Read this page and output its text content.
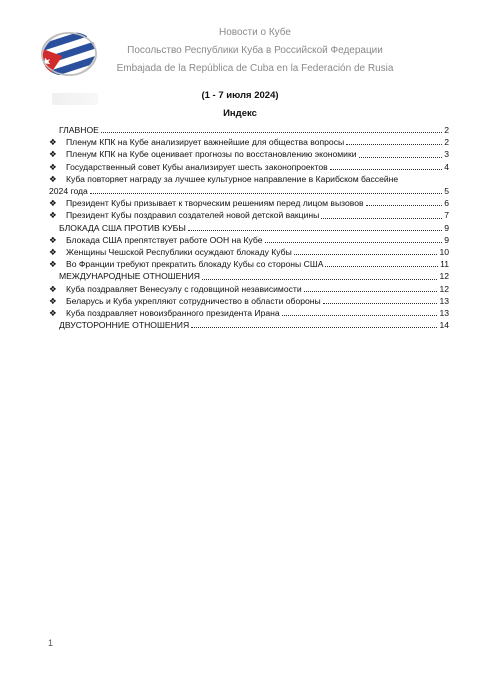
Новости о Кубе
Посольство Республики Куба в Российской Федерации
Embajada de la República de Cuba en la Federación de Rusia
(1 - 7 июля 2024)
Индекс
ГЛАВНОЕ	2
❖	Пленум КПК на Кубе анализирует важнейшие для общества вопросы	2
❖	Пленум КПК на Кубе оценивает прогнозы по восстановлению экономики	3
❖	Государственный совет Кубы анализирует шесть законопроектов	4
❖	Куба повторяет награду за лучшее культурное направление в Карибском бассейне
2024 года	5
❖	Президент Кубы призывает к творческим решениям перед лицом вызовов	6
❖	Президент Кубы поздравил создателей новой детской вакцины	7
БЛОКАДА США ПРОТИВ КУБЫ	9
❖	Блокада США препятствует работе ООН на Кубе	9
❖	Женщины Чешской Республики осуждают блокаду Кубы	10
❖	Во Франции требуют прекратить блокаду Кубы со стороны США	11
МЕЖДУНАРОДНЫЕ ОТНОШЕНИЯ	12
❖	Куба поздравляет Венесуэлу с годовщиной независимости	12
❖	Беларусь и Куба укрепляют сотрудничество в области обороны	13
❖	Куба поздравляет новоизбранного президента Ирана	13
ДВУСТОРОННИЕ ОТНОШЕНИЯ	14
1
